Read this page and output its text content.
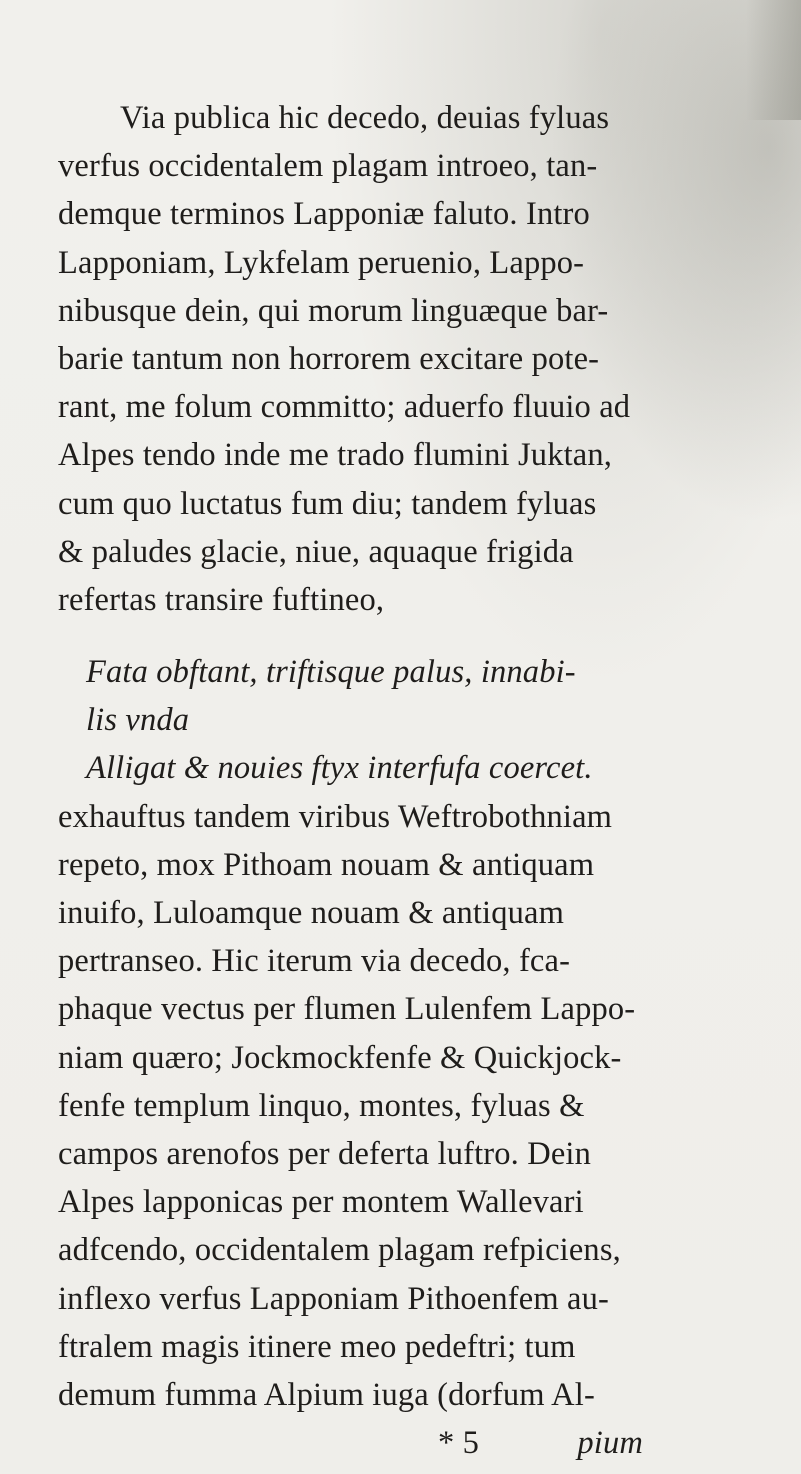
Via publica hic decedo, deuias fyluas
verfus occidentalem plagam introeo, tan-
demque terminos Lapponiæ faluto. Intro
Lapponiam, Lykfelam peruenio, Lappo-
nibusque dein, qui morum linguæque bar-
barie tantum non horrorem excitare pote-
rant, me folum committo; aduerfo fluuio ad
Alpes tendo inde me trado flumini Juktan,
cum quo luctatus fum diu; tandem fyluas
& paludes glacie, niue, aquaque frigida
refertas transire fuftineo,
Fata obftant, triftisque palus, innabi-
lis vnda
Alligat & nouies ftyx interfufa coercet.
exhauftus tandem viribus Weftrobothniam
repeto, mox Pithoam nouam & antiquam
inuifo, Luloamque nouam & antiquam
pertranseo. Hic iterum via decedo, fca-
phaque vectus per flumen Lulenfem Lappo-
niam quæro; Jockmockfenfe & Quickjock-
fenfe templum linquo, montes, fyluas &
campos arenofos per deferta luftro. Dein
Alpes lapponicas per montem Wallevari
adfcendo, occidentalem plagam refpiciens,
inflexo verfus Lapponiam Pithoenfem au-
ftralem magis itinere meo pedeftri; tum
demum fumma Alpium iuga (dorfum Al-
* 5	pium
